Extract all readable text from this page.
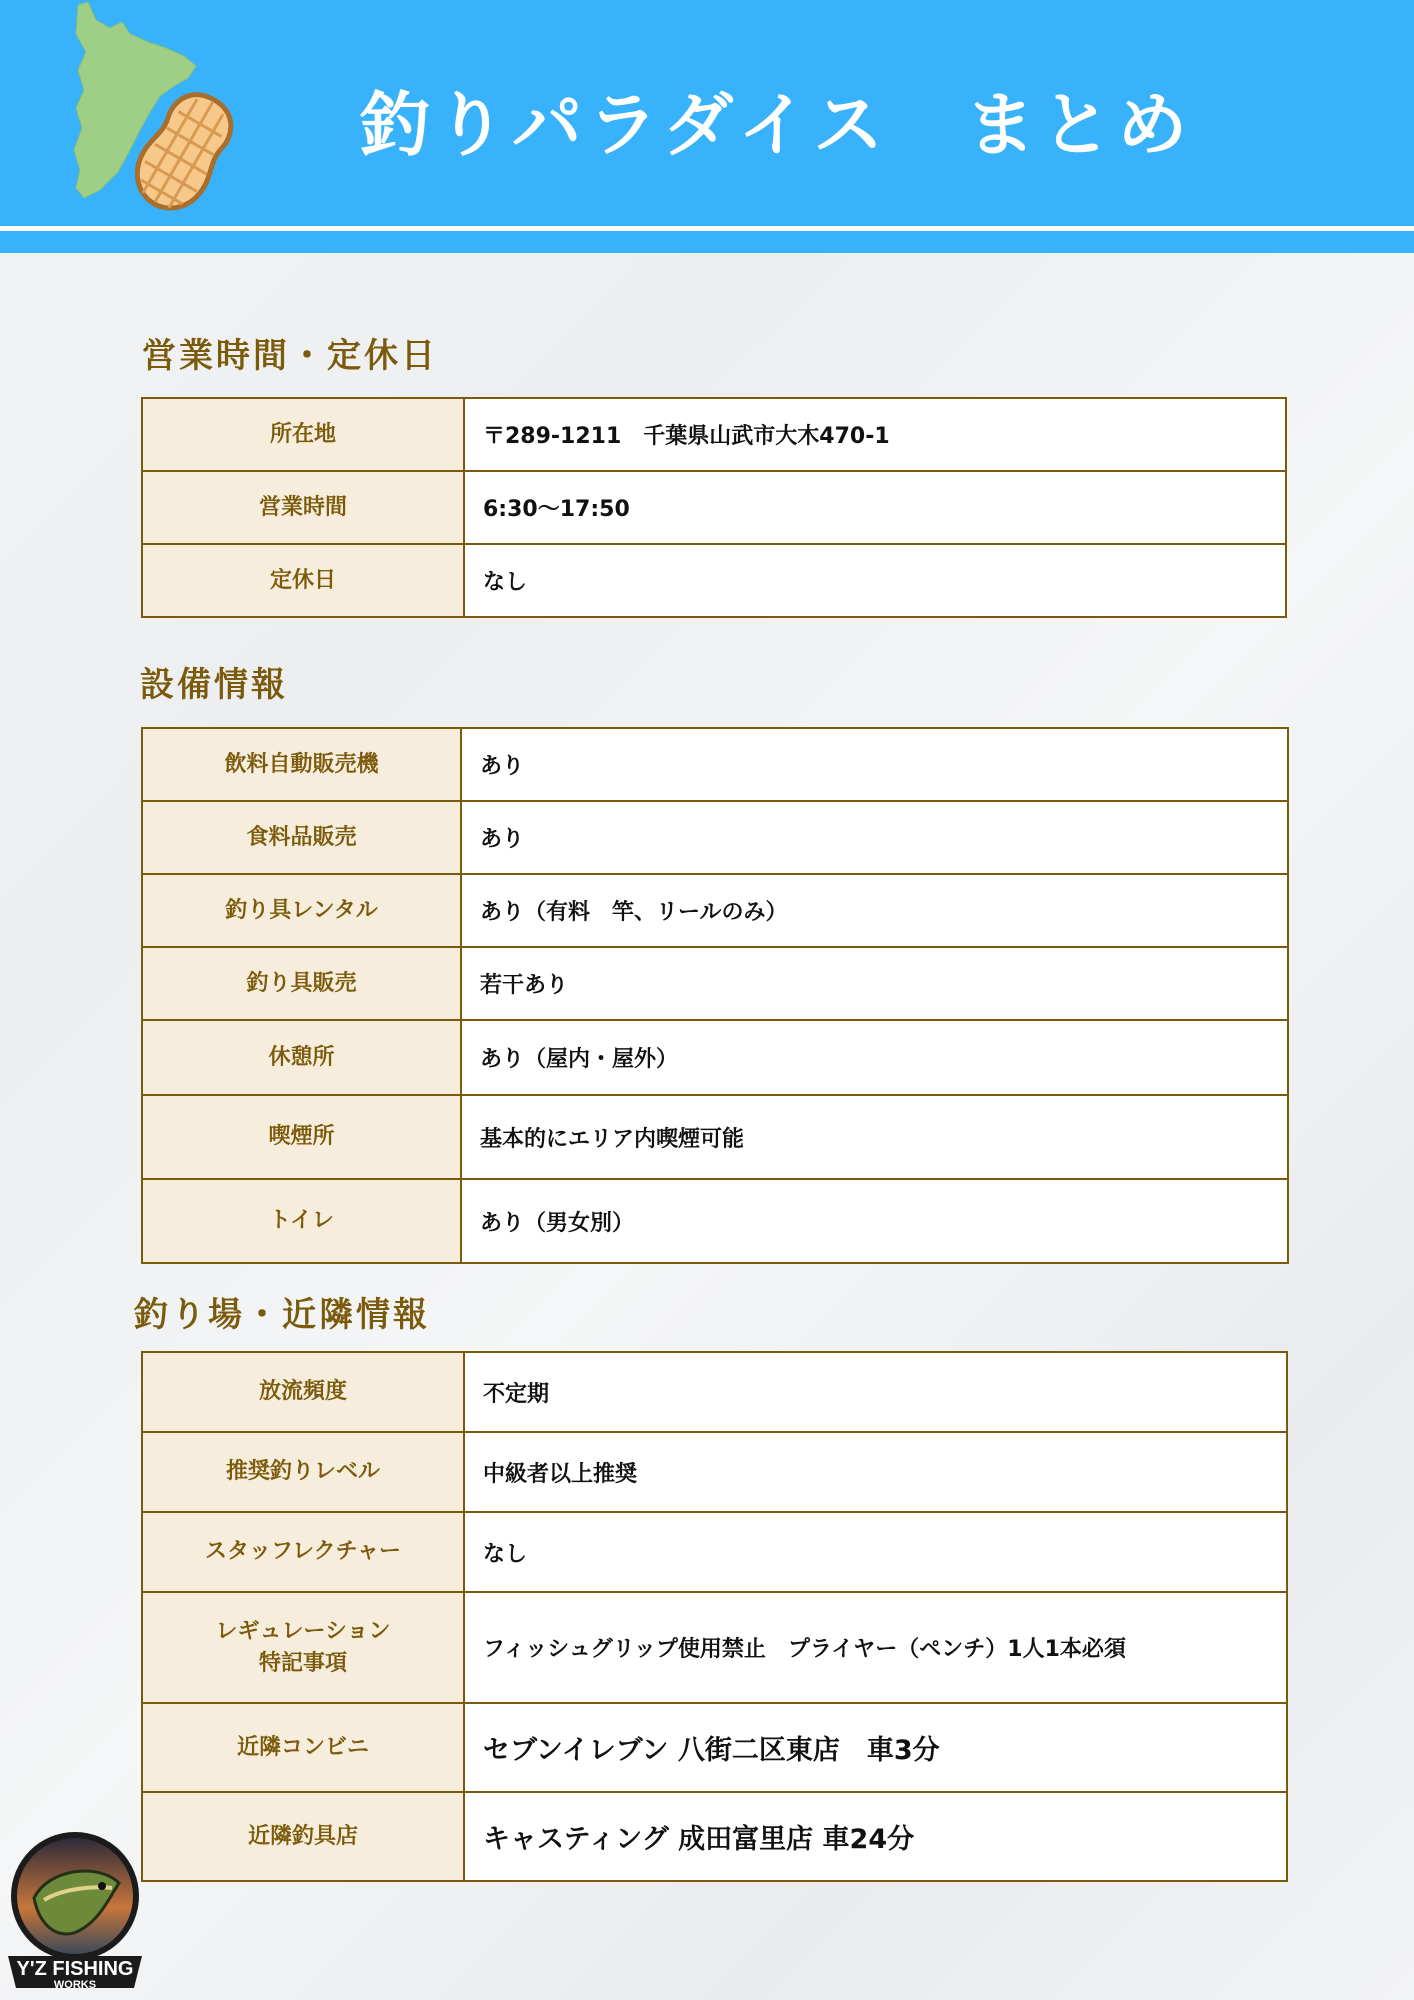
釣りパラダイス　まとめ
営業時間・定休日
所在地	〒289-1211　千葉県山武市大木470-1
営業時間	6:30〜17:50
定休日	なし
設備情報
飲料自動販売機	あり
食料品販売	あり
釣り具レンタル	あり（有料　竿、リールのみ）
釣り具販売	若干あり
休憩所	あり（屋内・屋外）
喫煙所	基本的にエリア内喫煙可能
トイレ	あり（男女別）
釣り場・近隣情報
放流頻度	不定期
推奨釣りレベル	中級者以上推奨
スタッフレクチャー	なし

レギュレーション
特記事項	フィッシュグリップ使用禁止　プライヤー（ペンチ）1人1本必須
近隣コンビニ	セブンイレブン 八街二区東店　車3分
近隣釣具店	キャスティング 成田富里店 車24分
Y'Z FISHING
WORKS
